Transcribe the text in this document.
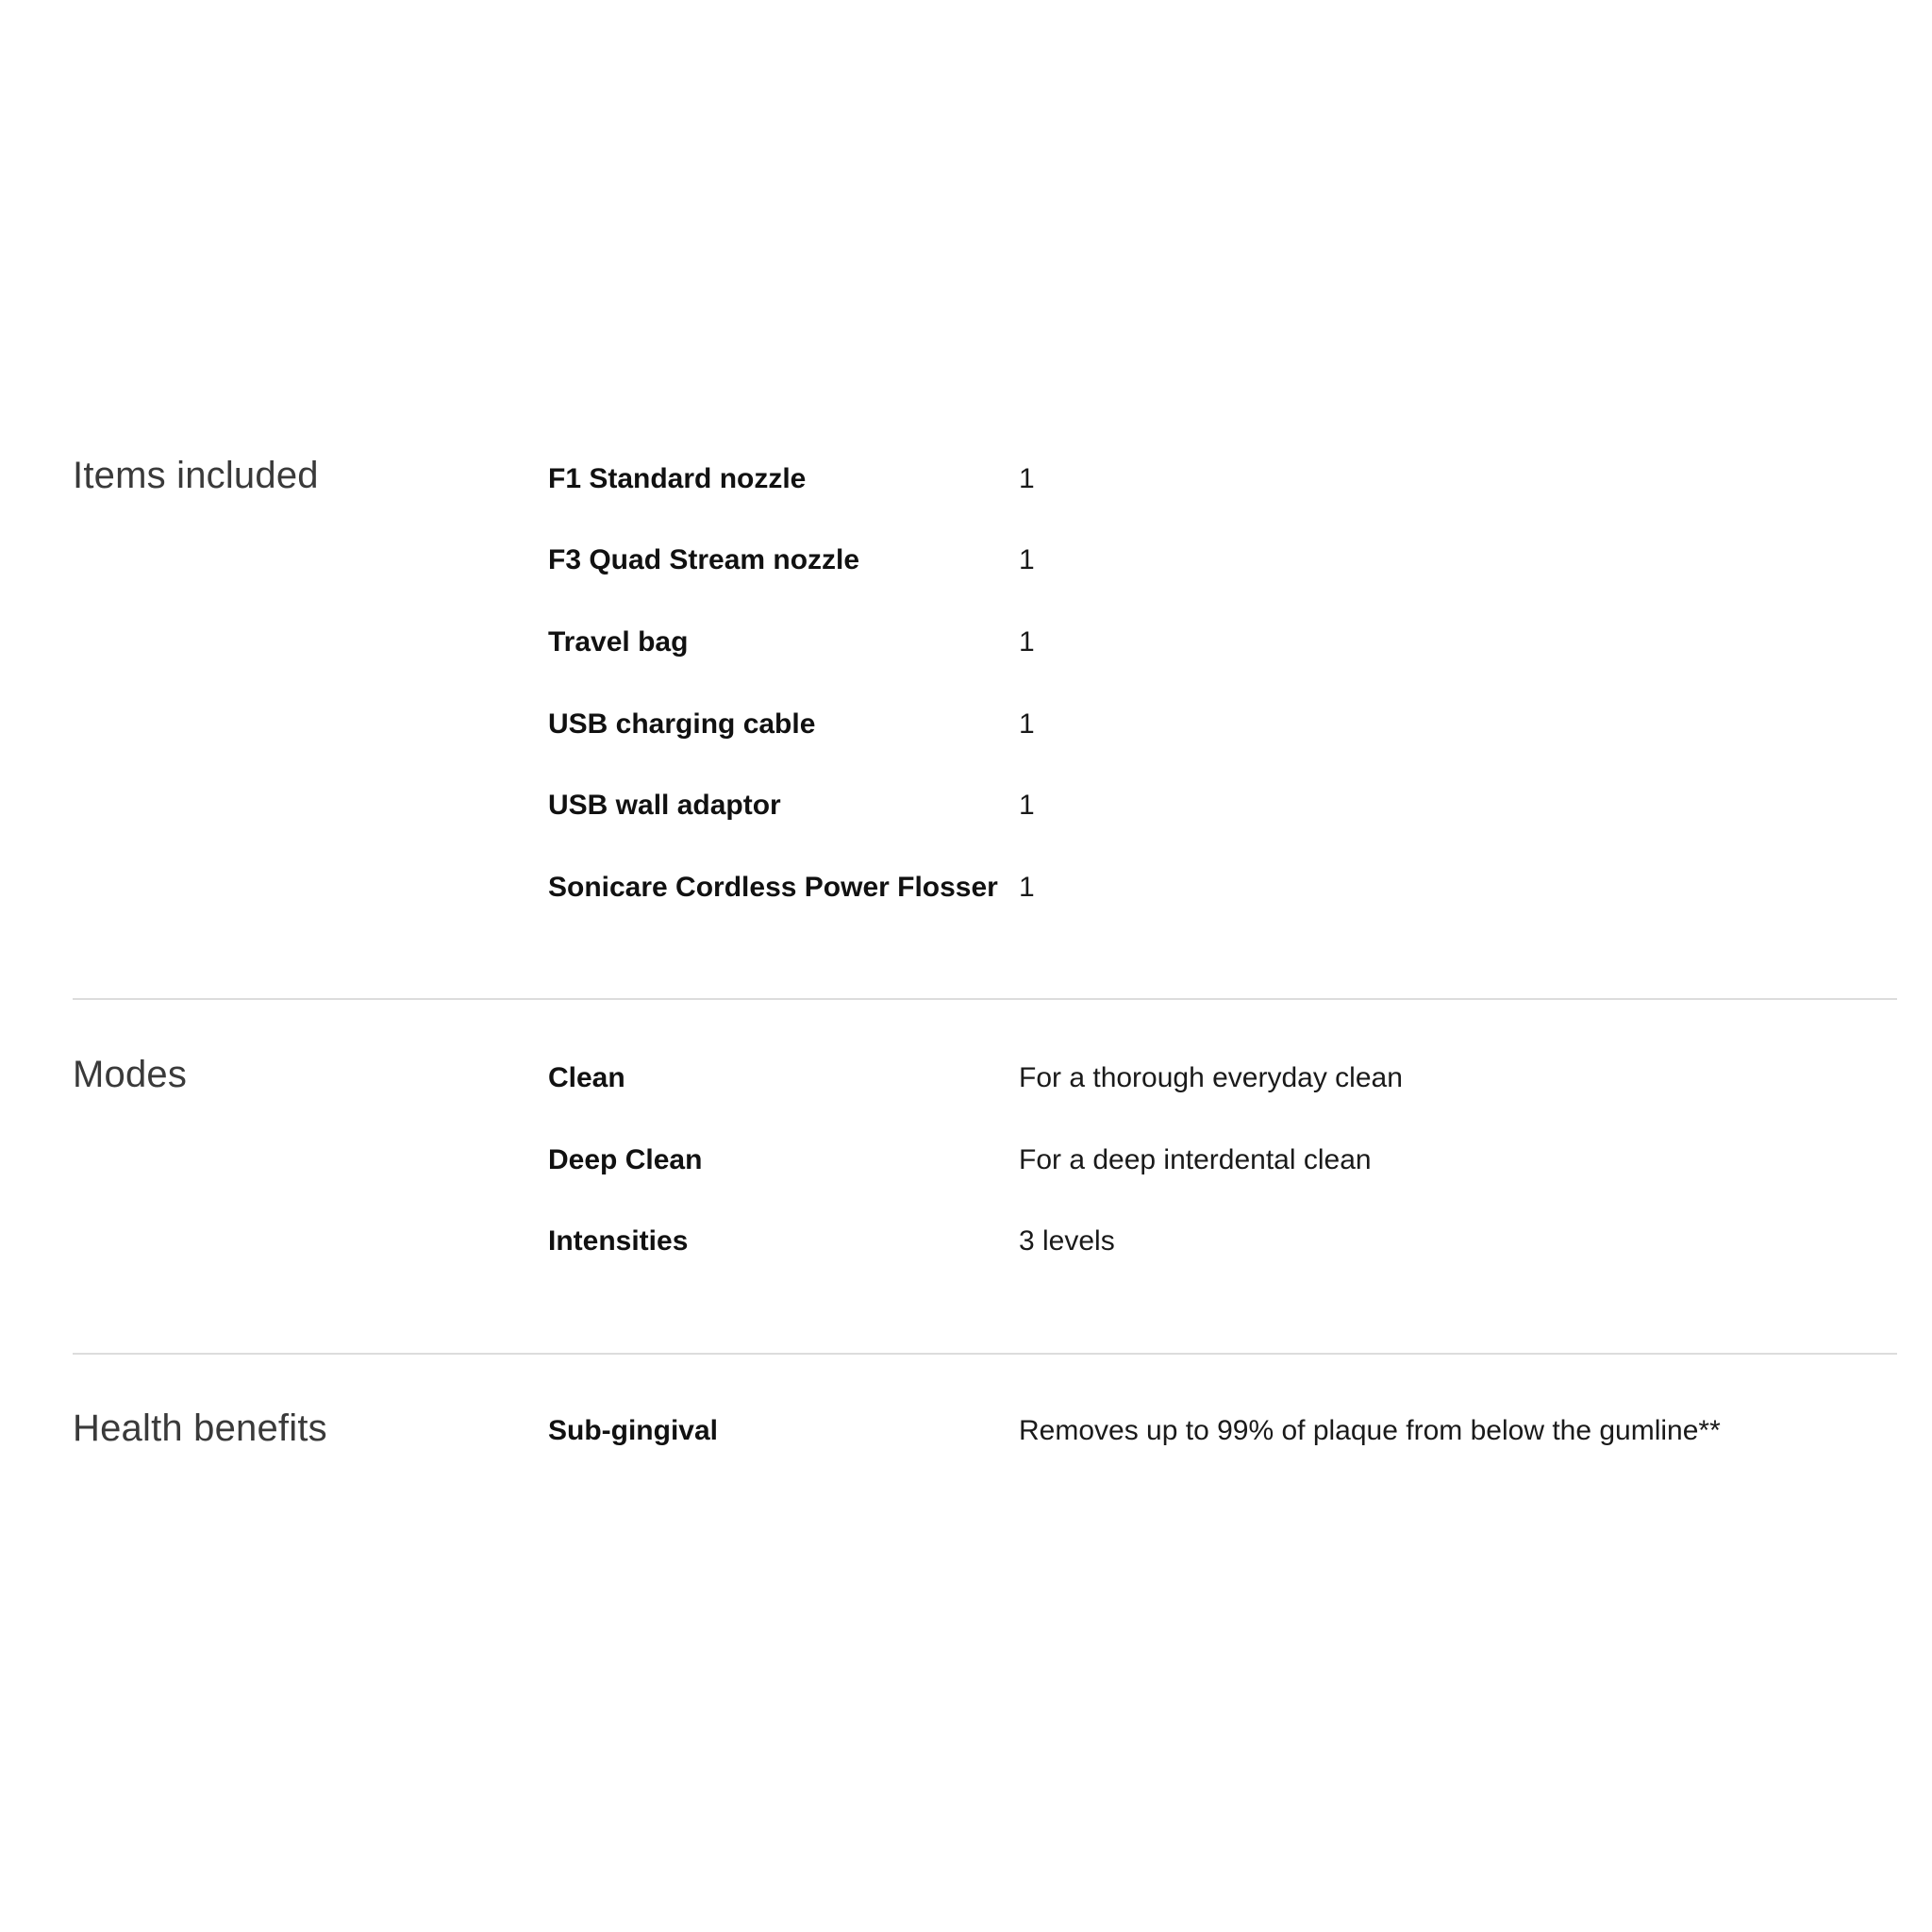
Items included	F1 Standard nozzle	1
F3 Quad Stream nozzle	1
Travel bag	1
USB charging cable	1
USB wall adaptor	1
Sonicare Cordless Power Flosser 1
Modes	Clean	For a thorough everyday clean
Deep Clean	For a deep interdental clean
Intensities	3 levels
Health benefits	Sub-gingival	Removes up to 99% of plaque from below the gumline**
